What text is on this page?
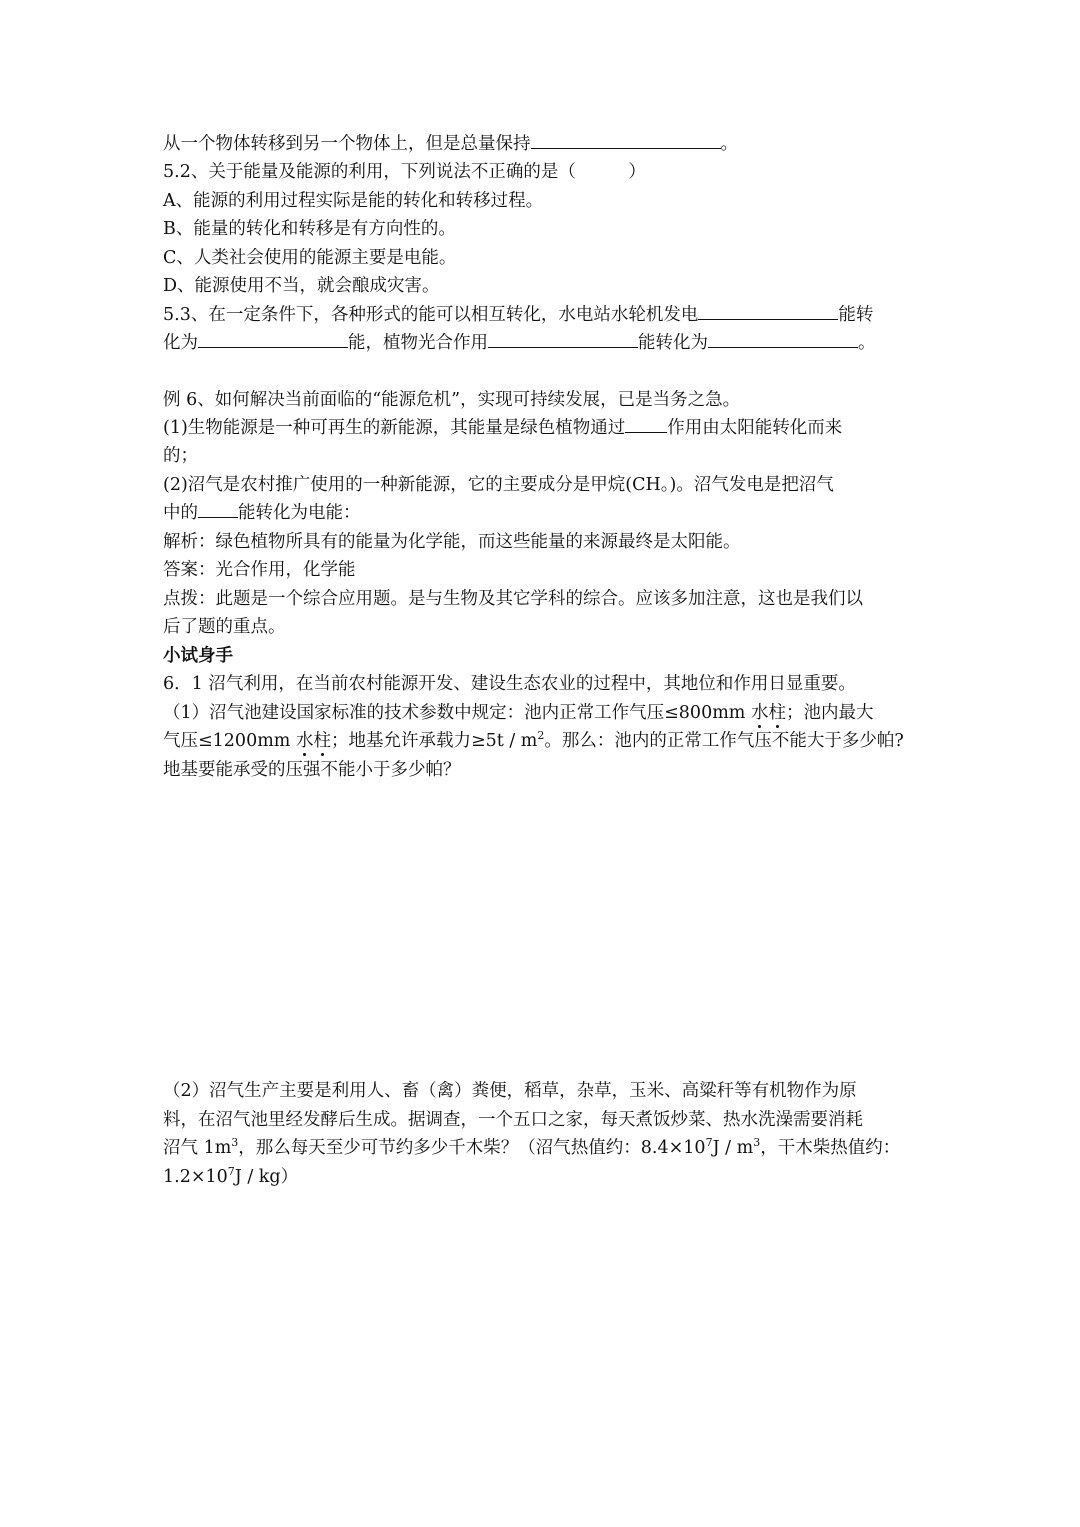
从一个物体转移到另一个物体上，但是总量保持	。
5.2、关于能量及能源的利用，下列说法不正确的是（　　　）
A、能源的利用过程实际是能的转化和转移过程。
B、能量的转化和转移是有方向性的。
C、人类社会使用的能源主要是电能。
D、能源使用不当，就会酿成灾害。
5.3、在一定条件下，各种形式的能可以相互转化，水电站水轮机发电	能转
化为	能，植物光合作用	能转化为	。
例 6、如何解决当前面临的“能源危机”，实现可持续发展，已是当务之急。
(1)生物能源是一种可再生的新能源，其能量是绿色植物通过 作用由太阳能转化而来
的；
(2)沼气是农村推广使用的一种新能源，它的主要成分是甲烷(CH。)。沼气发电是把沼气
中的 能转化为电能：
解析：绿色植物所具有的能量为化学能，而这些能量的来源最终是太阳能。
答案：光合作用，化学能
点拨：此题是一个综合应用题。是与生物及其它学科的综合。应该多加注意，这也是我们以
后了题的重点。
小试身手
6．1 沼气利用，在当前农村能源开发、建设生态农业的过程中，其地位和作用日显重要。
（1）沼气池建设国家标准的技术参数中规定：池内正常工作气压≤800mm 水柱；池内最大
气压≤1200mm 水柱；地基允许承载力$\ge 5t / m^2$。那么：池内的正常工作气压不能大于多少帕?
地基要能承受的压强不能小于多少帕？
（2）沼气生产主要是利用人、畜（禽）粪便，稻草，杂草，玉米、高粱秆等有机物作为原
料，在沼气池里经发酵后生成。据调查，一个五口之家，每天煮饭炒菜、热水洗澡需要消耗
沼气 $1m^3$，那么每天至少可节约多少千木柴？（沼气热值约：$8.4\times 10^7J / m^3$，干木柴热值约：
$1.2\times 10^7J / kg$）
